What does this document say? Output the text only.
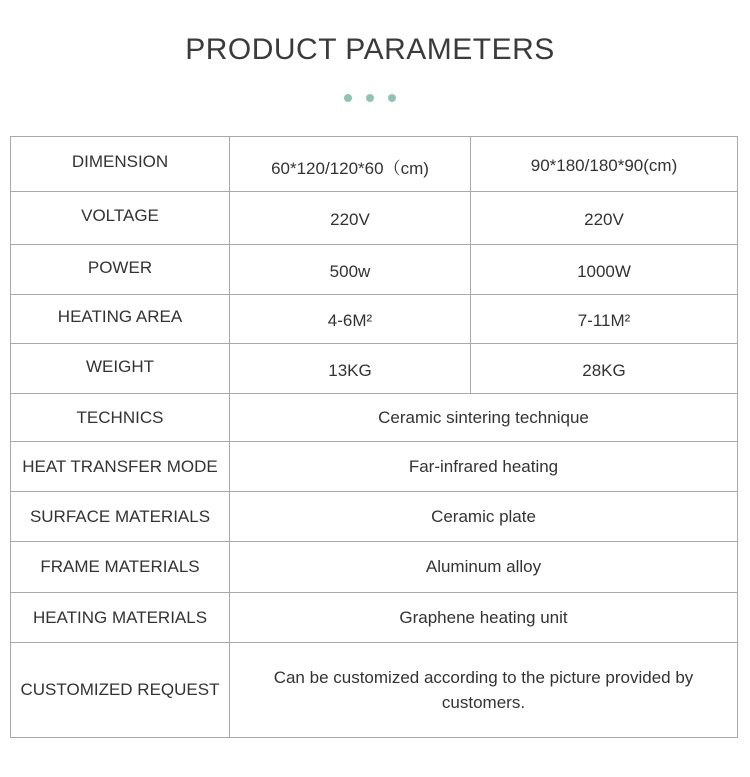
PRODUCT PARAMETERS
DIMENSION	60*120/120*60（cm)	90*180/180*90(cm)
VOLTAGE	220V	220V
POWER	500w	1000W
HEATING AREA	4-6M²	7-11M²
WEIGHT	13KG	28KG
TECHNICS	Ceramic sintering technique	
HEAT TRANSFER MODE	Far-infrared heating	
SURFACE MATERIALS	Ceramic plate	
FRAME MATERIALS	Aluminum alloy	
HEATING MATERIALS	Graphene heating unit	
CUSTOMIZED REQUEST	Can be customized according to the picture provided by customers.	
